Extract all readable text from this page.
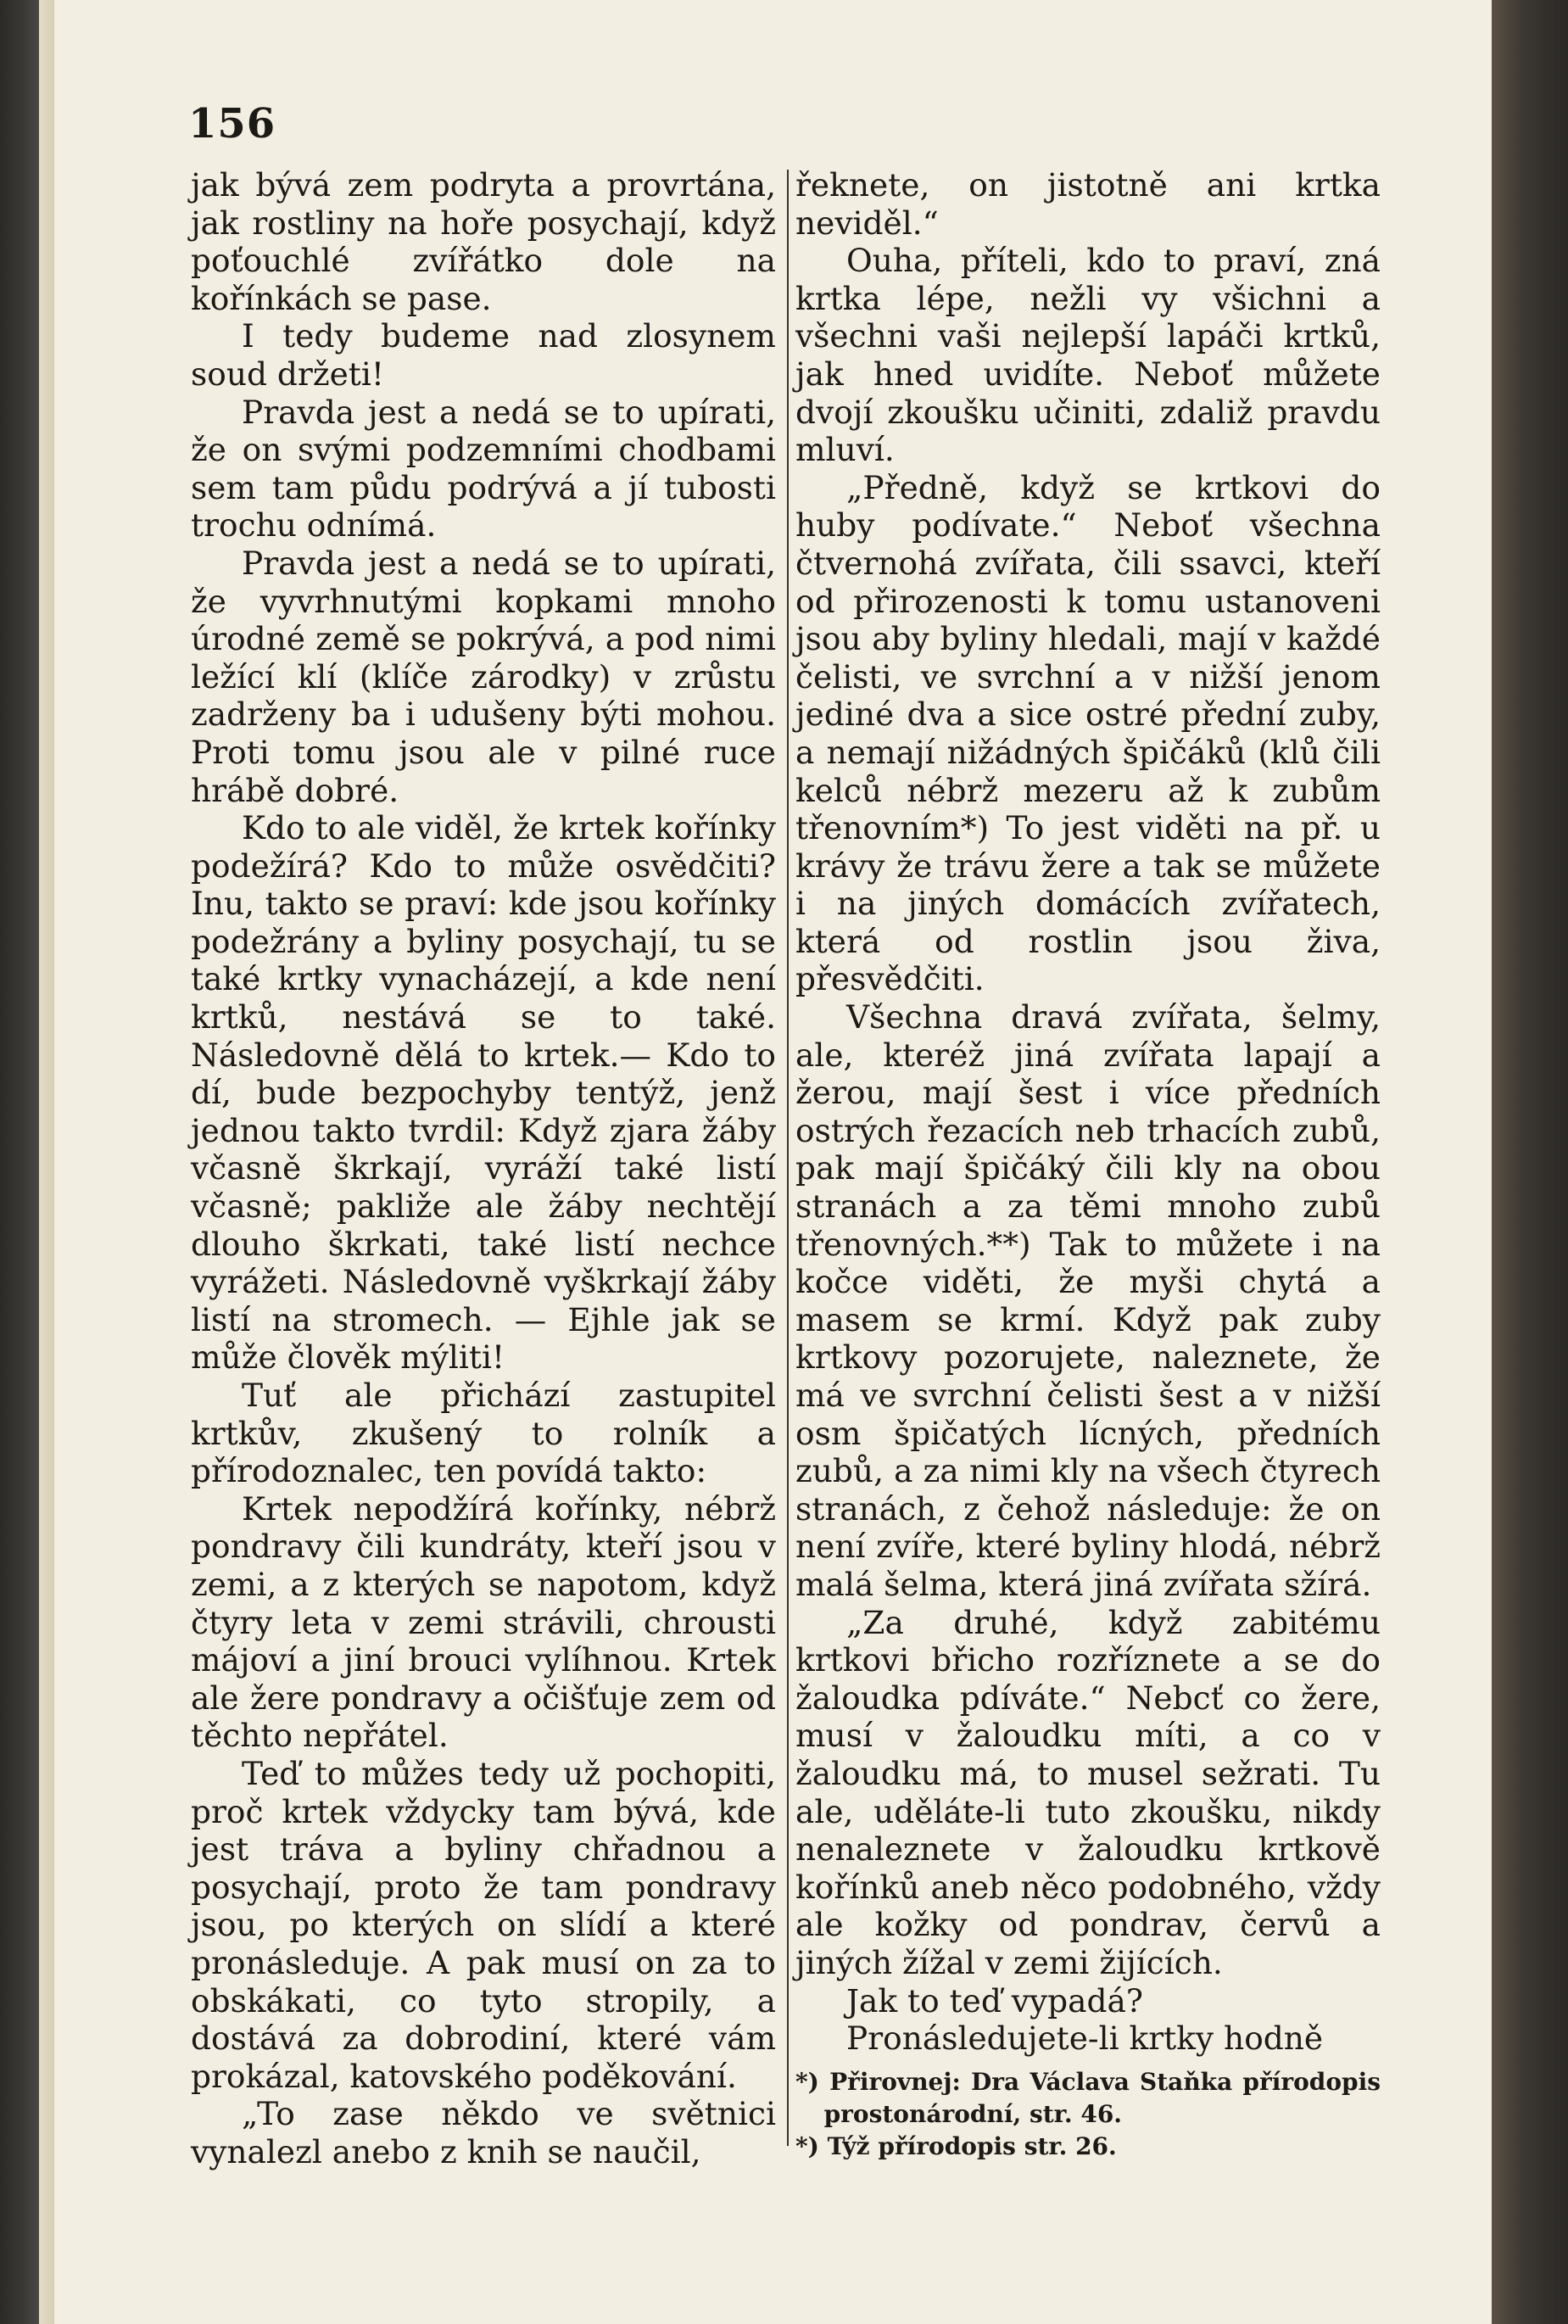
156

jak bývá zem podryta a provrtána, jak rostliny na hoře posychají, když poťouchlé zvířátko dole na kořínkách se pase.

I tedy budeme nad zlosynem soud držeti!

Pravda jest a nedá se to upírati, že on svými podzemními chodbami sem tam půdu podrývá a jí tubosti trochu odnímá.

Pravda jest a nedá se to upírati, že vyvrhnutými kopkami mnoho úrodné země se pokrývá, a pod nimi ležící klí (klíče zárodky) v zrůstu zadrženy ba i udušeny býti mohou. Proti tomu jsou ale v pilné ruce hrábě dobré.

Kdo to ale viděl, že krtek kořínky podežírá? Kdo to může osvědčiti? Inu, takto se praví: kde jsou kořínky podežrány a byliny posychají, tu se také krtky vynacházejí, a kde není krtků, nestává se to také. Následovně dělá to krtek.— Kdo to dí, bude bezpochyby tentýž, jenž jednou takto tvrdil: Když zjara žáby včasně škrkají, vyráží také listí včasně; pakliže ale žáby nechtějí dlouho škrkati, také listí nechce vyrážeti. Následovně vyškrkají žáby listí na stromech. — Ejhle jak se může člověk mýliti!

Tuť ale přichází zastupitel krtkův, zkušený to rolník a přírodoznalec, ten povídá takto:

Krtek nepodžírá kořínky, nébrž pondravy čili kundráty, kteří jsou v zemi, a z kterých se napotom, když čtyry leta v zemi strávili, chrousti májoví a jiní brouci vylíhnou. Krtek ale žere pondravy a očišťuje zem od těchto nepřátel.

Teď to můžes tedy už pochopiti, proč krtek vždycky tam bývá, kde jest tráva a byliny chřadnou a posychají, proto že tam pondravy jsou, po kterých on slídí a které pronásleduje. A pak musí on za to obskákati, co tyto stropily, a dostává za dobrodiní, které vám prokázal, katovského poděkování.

„To zase někdo ve světnici vynalezl anebo z knih se naučil,

řeknete, on jistotně ani krtka neviděl.“

Ouha, příteli, kdo to praví, zná krtka lépe, nežli vy všichni a všechni vaši nejlepší lapáči krtků, jak hned uvidíte. Neboť můžete dvojí zkoušku učiniti, zdaliž pravdu mluví.

„Předně, když se krtkovi do huby podívate.“ Neboť všechna čtvernohá zvířata, čili ssavci, kteří od přirozenosti k tomu ustanoveni jsou aby byliny hledali, mají v každé čelisti, ve svrchní a v nižší jenom jediné dva a sice ostré přední zuby, a nemají nižádných špičáků (klů čili kelců nébrž mezeru až k zubům třenovním*) To jest viděti na př. u krávy že trávu žere a tak se můžete i na jiných domácích zvířatech, která od rostlin jsou živa, přesvědčiti.

Všechna dravá zvířata, šelmy, ale, kteréž jiná zvířata lapají a žerou, mají šest i více předních ostrých řezacích neb trhacích zubů, pak mají špičáký čili kly na obou stranách a za těmi mnoho zubů třenovných.**) Tak to můžete i na kočce viděti, že myši chytá a masem se krmí. Když pak zuby krtkovy pozorujete, naleznete, že má ve svrchní čelisti šest a v nižší osm špičatých lícných, předních zubů, a za nimi kly na všech čtyrech stranách, z čehož následuje: že on není zvíře, které byliny hlodá, nébrž malá šelma, která jiná zvířata sžírá.

„Za druhé, když zabitému krtkovi břicho rozříznete a se do žaloudka pdíváte.“ Nebcť co žere, musí v žaloudku míti, a co v žaloudku má, to musel sežrati. Tu ale, uděláte-li tuto zkoušku, nikdy nenaleznete v žaloudku krtkově kořínků aneb něco podobného, vždy ale kožky od pondrav, červů a jiných žížal v zemi žijících.

Jak to teď vypadá?

Pronásledujete-li krtky hodně

*) Přirovnej: Dra Václava Staňka přírodopis prostonárodní, str. 46.

*) Týž přírodopis str. 26.
